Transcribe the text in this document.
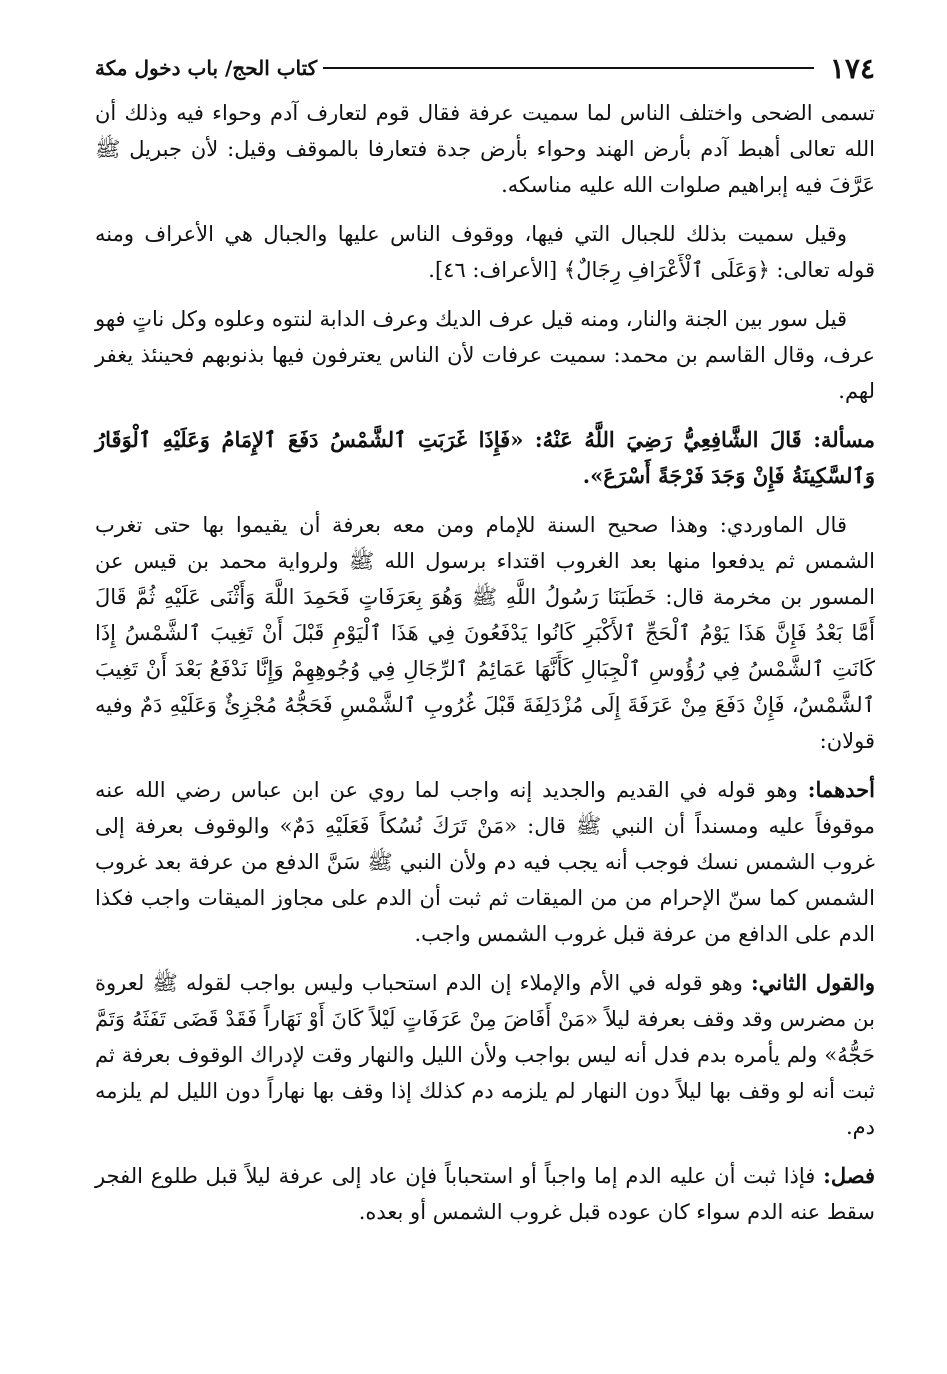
١٧٤
كتاب الحج/ باب دخول مكة

تسمى الضحى واختلف الناس لما سميت عرفة فقال قوم لتعارف آدم وحواء فيه وذلك أن الله تعالى أهبط آدم بأرض الهند وحواء بأرض جدة فتعارفا بالموقف وقيل: لأن جبريل ﷺ عَرَّفَ فيه إبراهيم صلوات الله عليه مناسكه.

وقيل سميت بذلك للجبال التي فيها، ووقوف الناس عليها والجبال هي الأعراف ومنه قوله تعالى: ﴿وَعَلَى ٱلْأَعْرَافِ رِجَالٌ﴾ [الأعراف: ٤٦].

قيل سور بين الجنة والنار، ومنه قيل عرف الديك وعرف الدابة لنتوه وعلوه وكل ناتٍ فهو عرف، وقال القاسم بن محمد: سميت عرفات لأن الناس يعترفون فيها بذنوبهم فحينئذ يغفر لهم.

مسألة: قَالَ الشَّافِعِيُّ رَضِيَ اللَّهُ عَنْهُ: «فَإِذَا غَرَبَتِ ٱلشَّمْسُ دَفَعَ ٱلإِمَامُ وَعَلَيْهِ ٱلْوَقَارُ وَٱلسَّكِينَةُ فَإِنْ وَجَدَ فَرْجَةً أَسْرَعَ».

قال الماوردي: وهذا صحيح السنة للإمام ومن معه بعرفة أن يقيموا بها حتى تغرب الشمس ثم يدفعوا منها بعد الغروب اقتداء برسول الله ﷺ ولرواية محمد بن قيس عن المسور بن مخرمة قال: خَطَبَنَا رَسُولُ اللَّهِ ﷺ وَهُوَ بِعَرَفَاتٍ فَحَمِدَ اللَّهَ وَأَثْنَى عَلَيْهِ ثُمَّ قَالَ أَمَّا بَعْدُ فَإِنَّ هَذَا يَوْمُ ٱلْحَجِّ ٱلأَكْبَرِ كَانُوا يَدْفَعُونَ فِي هَذَا ٱلْيَوْمِ قَبْلَ أَنْ تَغِيبَ ٱلشَّمْسُ إِذَا كَانَتِ ٱلشَّمْسُ فِي رُؤُوسِ ٱلْجِبَالِ كَأَنَّهَا عَمَائِمُ ٱلرِّجَالِ فِي وُجُوهِهِمْ وَإِنَّا نَدْفَعُ بَعْدَ أَنْ تَغِيبَ ٱلشَّمْسُ، فَإِنْ دَفَعَ مِنْ عَرَفَةَ إِلَى مُزْدَلِفَةَ قَبْلَ غُرُوبِ ٱلشَّمْسِ فَحَجُّهُ مُجْزِئٌ وَعَلَيْهِ دَمٌ وفيه قولان:

أحدهما: وهو قوله في القديم والجديد إنه واجب لما روي عن ابن عباس رضي الله عنه موقوفاً عليه ومسنداً أن النبي ﷺ قال: «مَنْ تَرَكَ نُسُكاً فَعَلَيْهِ دَمٌ» والوقوف بعرفة إلى غروب الشمس نسك فوجب أنه يجب فيه دم ولأن النبي ﷺ سَنَّ الدفع من عرفة بعد غروب الشمس كما سنّ الإحرام من من الميقات ثم ثبت أن الدم على مجاوز الميقات واجب فكذا الدم على الدافع من عرفة قبل غروب الشمس واجب.

والقول الثاني: وهو قوله في الأم والإملاء إن الدم استحباب وليس بواجب لقوله ﷺ لعروة بن مضرس وقد وقف بعرفة ليلاً «مَنْ أَفَاضَ مِنْ عَرَفَاتٍ لَيْلاً كَانَ أَوْ نَهَاراً فَقَدْ قَضَى تَفَثَهُ وَتَمَّ حَجُّهُ» ولم يأمره بدم فدل أنه ليس بواجب ولأن الليل والنهار وقت لإدراك الوقوف بعرفة ثم ثبت أنه لو وقف بها ليلاً دون النهار لم يلزمه دم كذلك إذا وقف بها نهاراً دون الليل لم يلزمه دم.

فصل: فإذا ثبت أن عليه الدم إما واجباً أو استحباباً فإن عاد إلى عرفة ليلاً قبل طلوع الفجر سقط عنه الدم سواء كان عوده قبل غروب الشمس أو بعده.
